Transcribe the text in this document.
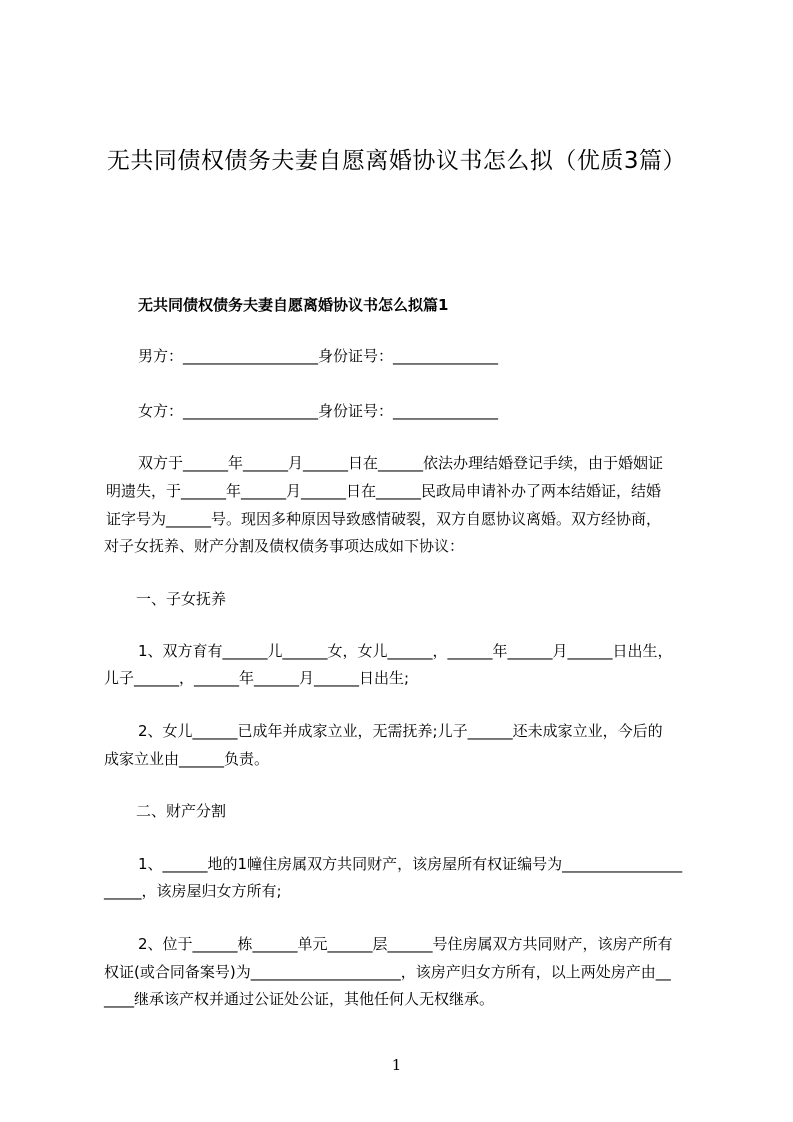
无共同债权债务夫妻自愿离婚协议书怎么拟（优质3篇）

无共同债权债务夫妻自愿离婚协议书怎么拟篇1

男方：__________________身份证号：______________

女方：__________________身份证号：______________

双方于______年______月______日在______依法办理结婚登记手续，由于婚姻证

明遗失，于______年______月______日在______民政局申请补办了两本结婚证，结婚

证字号为______号。现因多种原因导致感情破裂，双方自愿协议离婚。双方经协商，

对子女抚养、财产分割及债权债务事项达成如下协议：

一、子女抚养

1、双方育有______儿______女，女儿______，______年______月______日出生，

儿子______，______年______月______日出生;

2、女儿______已成年并成家立业，无需抚养;儿子______还未成家立业，今后的

成家立业由______负责。

二、财产分割

1、______地的1幢住房属双方共同财产，该房屋所有权证编号为________________

_____，该房屋归女方所有;

2、位于______栋______单元______层______号住房属双方共同财产，该房产所有

权证(或合同备案号)为____________________，该房产归女方所有，以上两处房产由__

____继承该产权并通过公证处公证，其他任何人无权继承。

1
